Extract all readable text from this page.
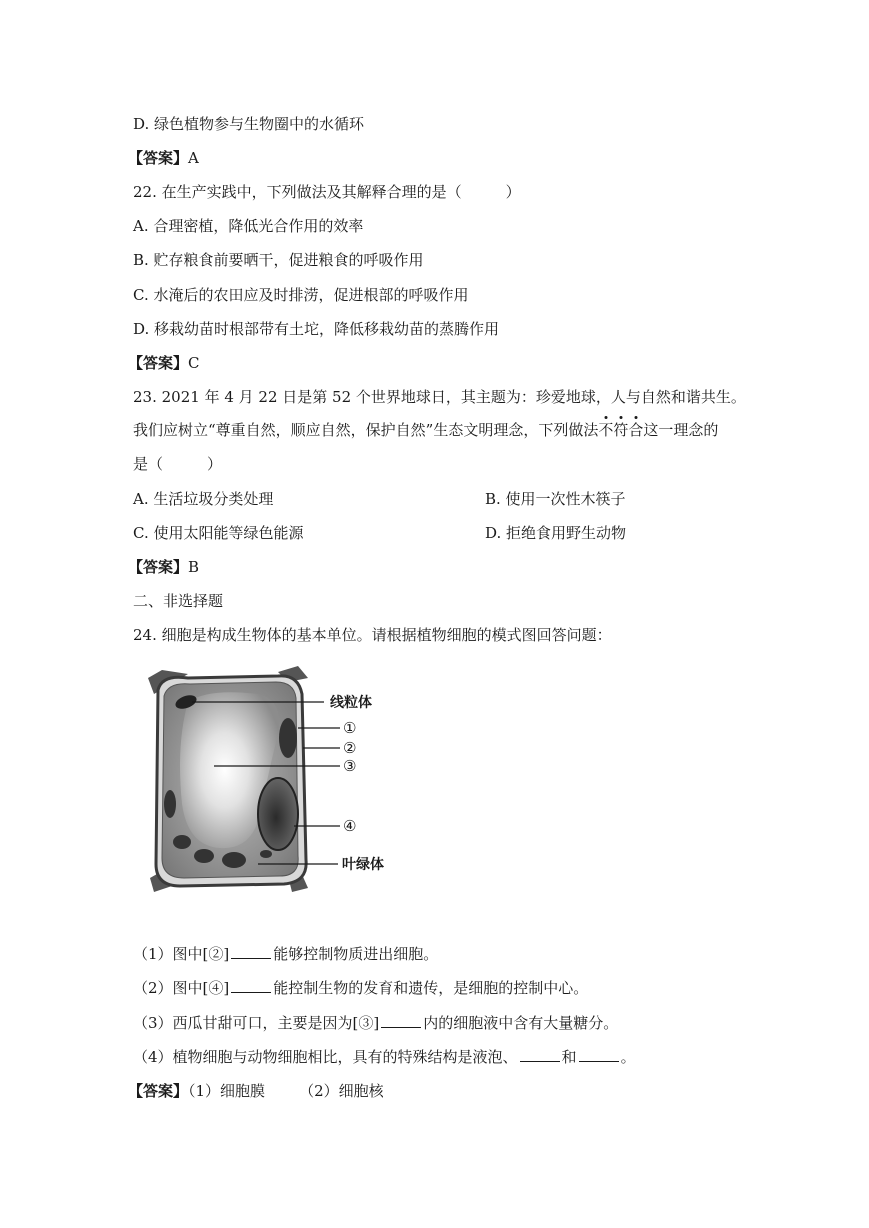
D. 绿色植物参与生物圈中的水循环
【答案】A
22. 在生产实践中，下列做法及其解释合理的是（	）
A. 合理密植，降低光合作用的效率
B. 贮存粮食前要晒干，促进粮食的呼吸作用
C. 水淹后的农田应及时排涝，促进根部的呼吸作用
D. 移栽幼苗时根部带有土坨，降低移栽幼苗的蒸腾作用
【答案】C
23. 2021 年 4 月 22 日是第 52 个世界地球日，其主题为：珍爱地球，人与自然和谐共生。
我们应树立“尊重自然，顺应自然，保护自然”生态文明理念，下列做法不符合这一理念的
是（	）
A. 生活垃圾分类处理	B. 使用一次性木筷子
C. 使用太阳能等绿色能源	D. 拒绝食用野生动物
【答案】B
二、非选择题
24. 细胞是构成生物体的基本单位。请根据植物细胞的模式图回答问题：
线粒体
①
②
③
④
叶绿体
（1）图中[②]	能够控制物质进出细胞。
（2）图中[④]	能控制生物的发育和遗传，是细胞的控制中心。
（3）西瓜甘甜可口，主要是因为[③]	内的细胞液中含有大量糖分。
（4）植物细胞与动物细胞相比，具有的特殊结构是液泡、	和	。
【答案】（1）细胞膜 （2）细胞核
